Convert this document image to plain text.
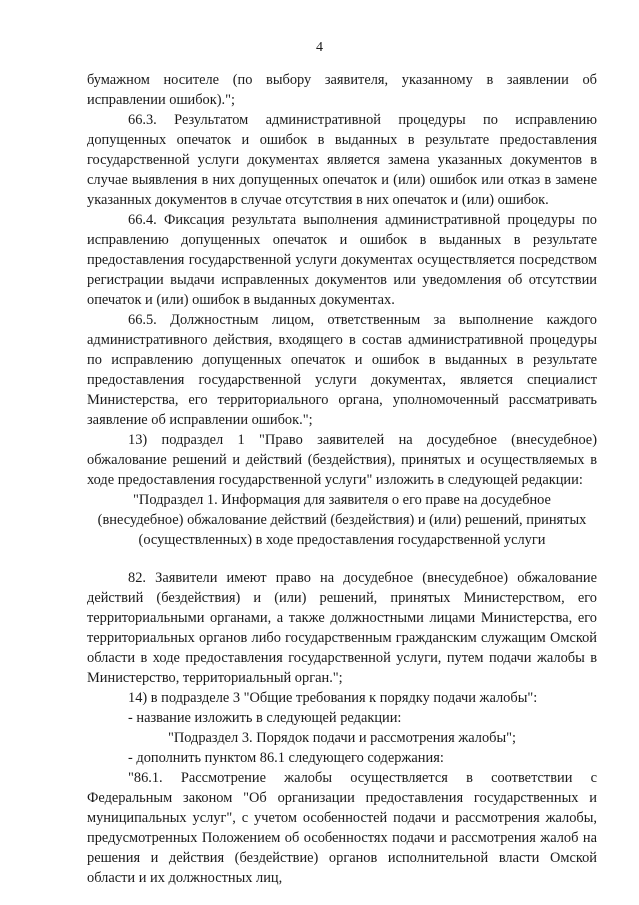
4

бумажном носителе (по выбору заявителя, указанному в заявлении об исправлении ошибок).";

66.3. Результатом административной процедуры по исправлению допущенных опечаток и ошибок в выданных в результате предоставления государственной услуги документах является замена указанных документов в случае выявления в них допущенных опечаток и (или) ошибок или отказ в замене указанных документов в случае отсутствия в них опечаток и (или) ошибок.

66.4. Фиксация результата выполнения административной процедуры по исправлению допущенных опечаток и ошибок в выданных в результате предоставления государственной услуги документах осуществляется посредством регистрации выдачи исправленных документов или уведомления об отсутствии опечаток и (или) ошибок в выданных документах.

66.5. Должностным лицом, ответственным за выполнение каждого административного действия, входящего в состав административной процедуры по исправлению допущенных опечаток и ошибок в выданных в результате предоставления государственной услуги документах, является специалист Министерства, его территориального органа, уполномоченный рассматривать заявление об исправлении ошибок.";

13) подраздел 1 "Право заявителей на досудебное (внесудебное) обжалование решений и действий (бездействия), принятых и осуществляемых в ходе предоставления государственной услуги" изложить в следующей редакции:

"Подраздел 1. Информация для заявителя о его праве на досудебное (внесудебное) обжалование действий (бездействия) и (или) решений, принятых (осуществленных) в ходе предоставления государственной услуги

82. Заявители имеют право на досудебное (внесудебное) обжалование действий (бездействия) и (или) решений, принятых Министерством, его территориальными органами, а также должностными лицами Министерства, его территориальных органов либо государственным гражданским служащим Омской области в ходе предоставления государственной услуги, путем подачи жалобы в Министерство, территориальный орган.";

14) в подразделе 3 "Общие требования к порядку подачи жалобы":

- название изложить в следующей редакции:

"Подраздел 3. Порядок подачи и рассмотрения жалобы";

- дополнить пунктом 86.1 следующего содержания:

"86.1. Рассмотрение жалобы осуществляется в соответствии с Федеральным законом "Об организации предоставления государственных и муниципальных услуг", с учетом особенностей подачи и рассмотрения жалобы, предусмотренных Положением об особенностях подачи и рассмотрения жалоб на решения и действия (бездействие) органов исполнительной власти Омской области и их должностных лиц,
